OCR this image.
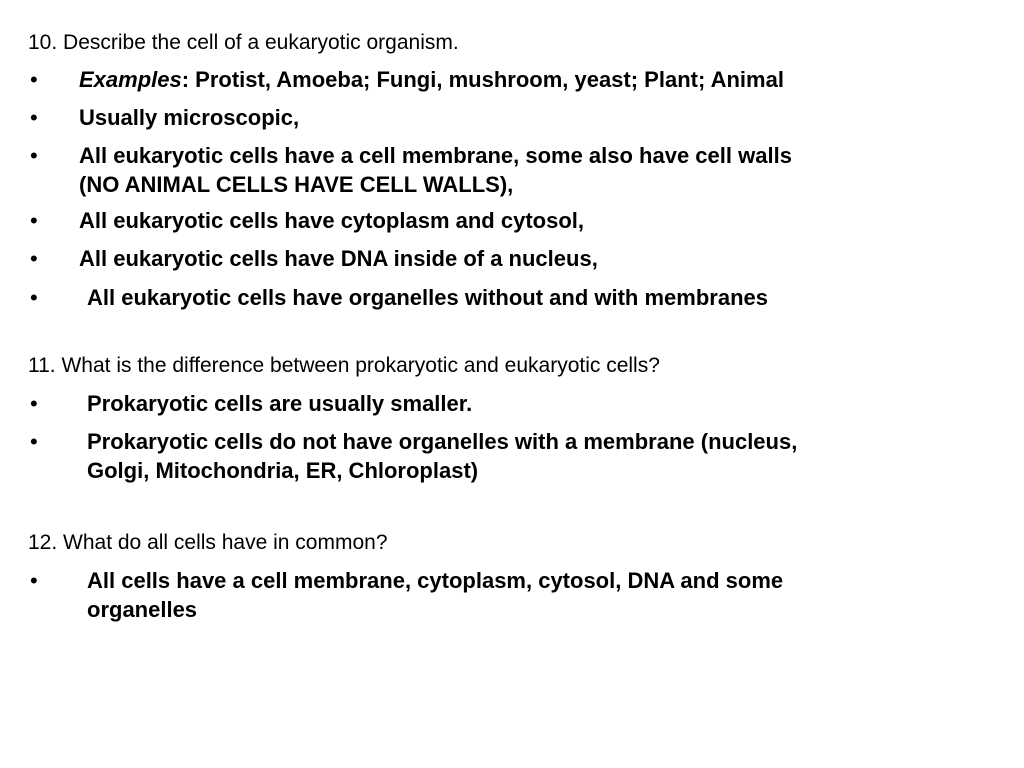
10. Describe the cell of a eukaryotic organism.
• Examples: Protist, Amoeba; Fungi, mushroom, yeast; Plant; Animal
• Usually microscopic,
• All eukaryotic cells have a cell membrane, some also have cell walls
(NO ANIMAL CELLS HAVE CELL WALLS),
• All eukaryotic cells have cytoplasm and cytosol,
• All eukaryotic cells have DNA inside of a nucleus,
• All eukaryotic cells have organelles without and with membranes
11. What is the difference between prokaryotic and eukaryotic cells?
• Prokaryotic cells are usually smaller.
• Prokaryotic cells do not have organelles with a membrane (nucleus,
Golgi, Mitochondria, ER, Chloroplast)
12. What do all cells have in common?
• All cells have a cell membrane, cytoplasm, cytosol, DNA and some
organelles
